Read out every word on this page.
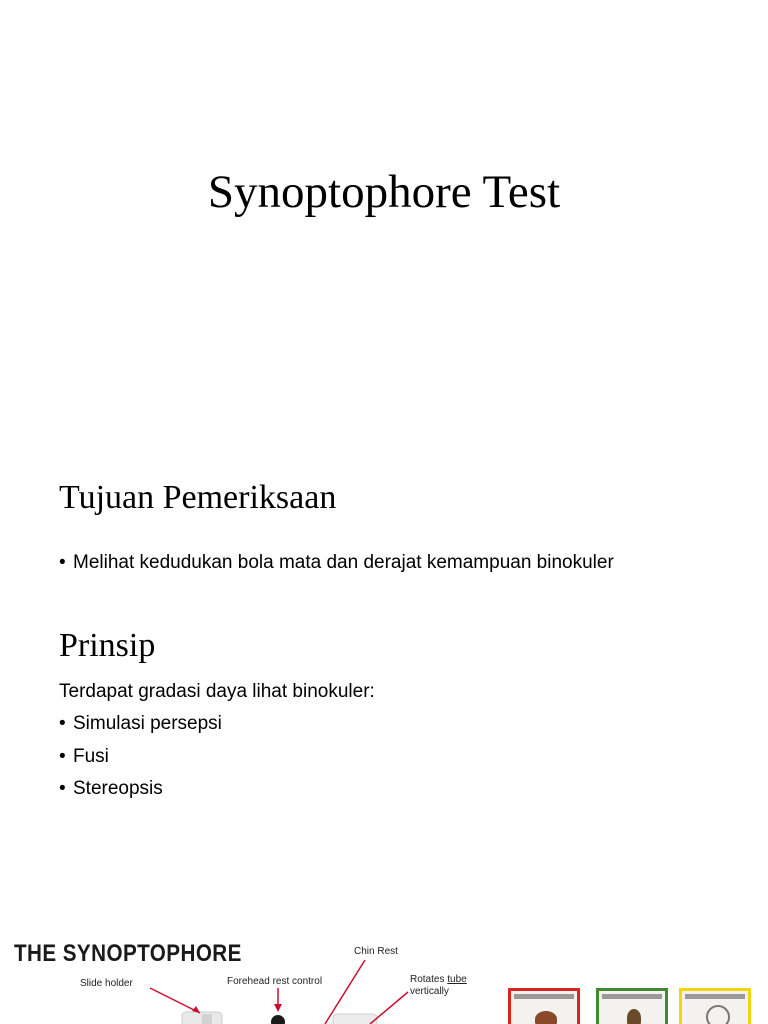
Synoptophore Test
Tujuan Pemeriksaan
• Melihat kedudukan bola mata dan derajat kemampuan binokuler
Prinsip

Terdapat gradasi daya lihat binokuler:

• Simulasi persepsi
• Fusi
• Stereopsis
THE SYNOPTOPHORE	Chin Rest
Slide holder	Forehead rest control	Rotates tube
vertically
